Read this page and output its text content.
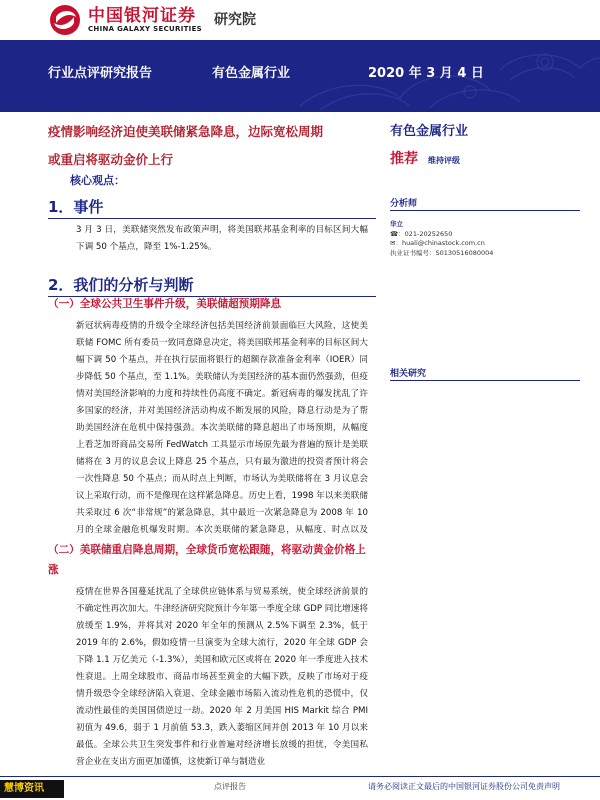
中国银河证券
CHINA GALAXY SECURITIES
研究院
行业点评研究报告	有色金属行业	2020 年 3 月 4 日
疫情影响经济迫使美联储紧急降息，边际宽松周期
或重启将驱动金价上行
核心观点：
1．事件
3 月 3 日，美联储突然发布政策声明，将美国联邦基金利率的目标区间大幅下调 50 个基点，降至 1%-1.25%。
2．我们的分析与判断
（一）全球公共卫生事件升级，美联储超预期降息
新冠状病毒疫情的升级令全球经济包括美国经济前景面临巨大风险，这使美联储 FOMC 所有委员一致同意降息决定，将美国联邦基金利率的目标区间大幅下调 50 个基点，并在执行层面将银行的超额存款准备金利率（IOER）同步降低 50 个基点，至 1.1%。美联储认为美国经济的基本面仍然强劲，但疫情对美国经济影响的力度和持续性仍高度不确定。新冠病毒的爆发扰乱了许多国家的经济，并对美国经济活动构成不断发展的风险，降息行动是为了帮助美国经济在危机中保持强劲。本次美联储的降息超出了市场预期，从幅度上看芝加哥商品交易所 FedWatch 工具显示市场原先最为普遍的预计是美联储将在 3 月的议息会议上降息 25 个基点，只有最为激进的投资者预计将会一次性降息 50 个基点；而从时点上判断，市场认为美联储将在 3 月议息会议上采取行动，而不是像现在这样紧急降息。历史上看，1998 年以来美联储共采取过 6 次“非常规”的紧急降息，其中最近一次紧急降息为 2008 年 10 月的全球金融危机爆发时期。本次美联储的紧急降息，从幅度、时点以及
（二）美联储重启降息周期，全球货币宽松跟随，将驱动黄金价格上涨
疫情在世界各国蔓延扰乱了全球供应链体系与贸易系统，使全球经济前景的不确定性再次加大。牛津经济研究院预计今年第一季度全球 GDP 同比增速将放缓至 1.9%，并将其对 2020 年全年的预测从 2.5%下调至 2.3%，低于 2019 年的 2.6%，假如疫情一旦演变为全球大流行，2020 年全球 GDP 会下降 1.1 万亿美元（-1.3%），美国和欧元区或将在 2020 年一季度进入技术性衰退。上周全球股市、商品市场甚至黄金的大幅下跌，反映了市场对于疫情升级恐令全球经济陷入衰退、全球金融市场陷入流动性危机的恐慌中，仅流动性最佳的美国国债逆过一劫。2020 年 2 月美国 HIS Markit 综合 PMI 初值为 49.6，弱于 1 月前值 53.3，跌入萎缩区间并创 2013 年 10 月以来最低。全球公共卫生突发事件和行业普遍对经济增长放缓的担忧，令美国私营企业在支出方面更加谨慎，这使新订单与制造业
有色金属行业
推荐 维持评级
分析师
华立
☎：021-20252650
✉：huali@chinastock.com.cn
执业证书编号：S0130516080004
相关研究
慧博资讯	点评报告	请务必阅读正文最后的中国银河证券股份公司免责声明
